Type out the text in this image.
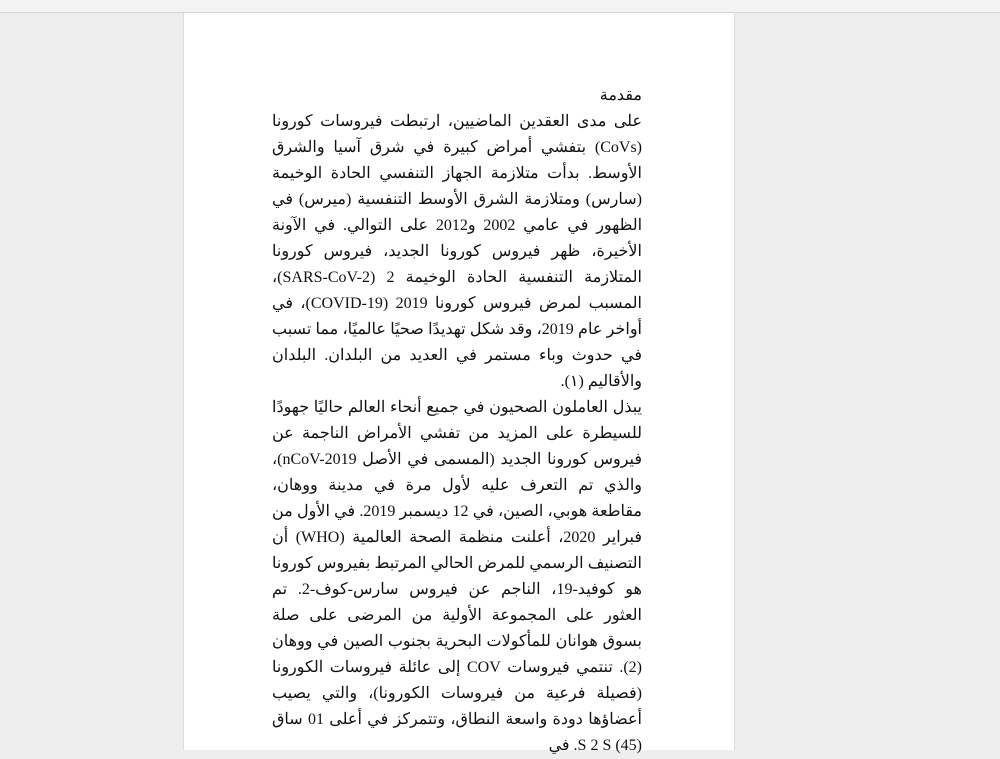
مقدمة

على مدى العقدين الماضيين، ارتبطت فيروسات كورونا (CoVs) بتفشي أمراض كبيرة في شرق آسيا والشرق الأوسط. بدأت متلازمة الجهاز التنفسي الحادة الوخيمة (سارس) ومتلازمة الشرق الأوسط التنفسية (ميرس) في الظهور في عامي 2002 و2012 على التوالي. في الآونة الأخيرة، ظهر فيروس كورونا الجديد، فيروس كورونا المتلازمة التنفسية الحادة الوخيمة 2 (SARS-CoV-2)، المسبب لمرض فيروس كورونا 2019 (COVID-19)، في أواخر عام 2019، وقد شكل تهديدًا صحيًا عالميًا، مما تسبب في حدوث وباء مستمر في العديد من البلدان. البلدان والأقاليم (١).

يبذل العاملون الصحيون في جميع أنحاء العالم حاليًا جهودًا للسيطرة على المزيد من تفشي الأمراض الناجمة عن فيروس كورونا الجديد (المسمى في الأصل nCoV-2019)، والذي تم التعرف عليه لأول مرة في مدينة ووهان، مقاطعة هوبي، الصين، في 12 ديسمبر 2019. في الأول من فبراير 2020، أعلنت منظمة الصحة العالمية (WHO) أن التصنيف الرسمي للمرض الحالي المرتبط بفيروس كورونا هو كوفيد-19، الناجم عن فيروس سارس-كوف-2. تم العثور على المجموعة الأولية من المرضى على صلة بسوق هوانان للمأكولات البحرية بجنوب الصين في ووهان (2). تنتمي فيروسات COV إلى عائلة فيروسات الكورونا (فصيلة فرعية من فيروسات الكورونا)، والتي يصيب أعضاؤها دودة واسعة النطاق، وتتمركز في أعلى 01 ساق S 2 S (45). في
